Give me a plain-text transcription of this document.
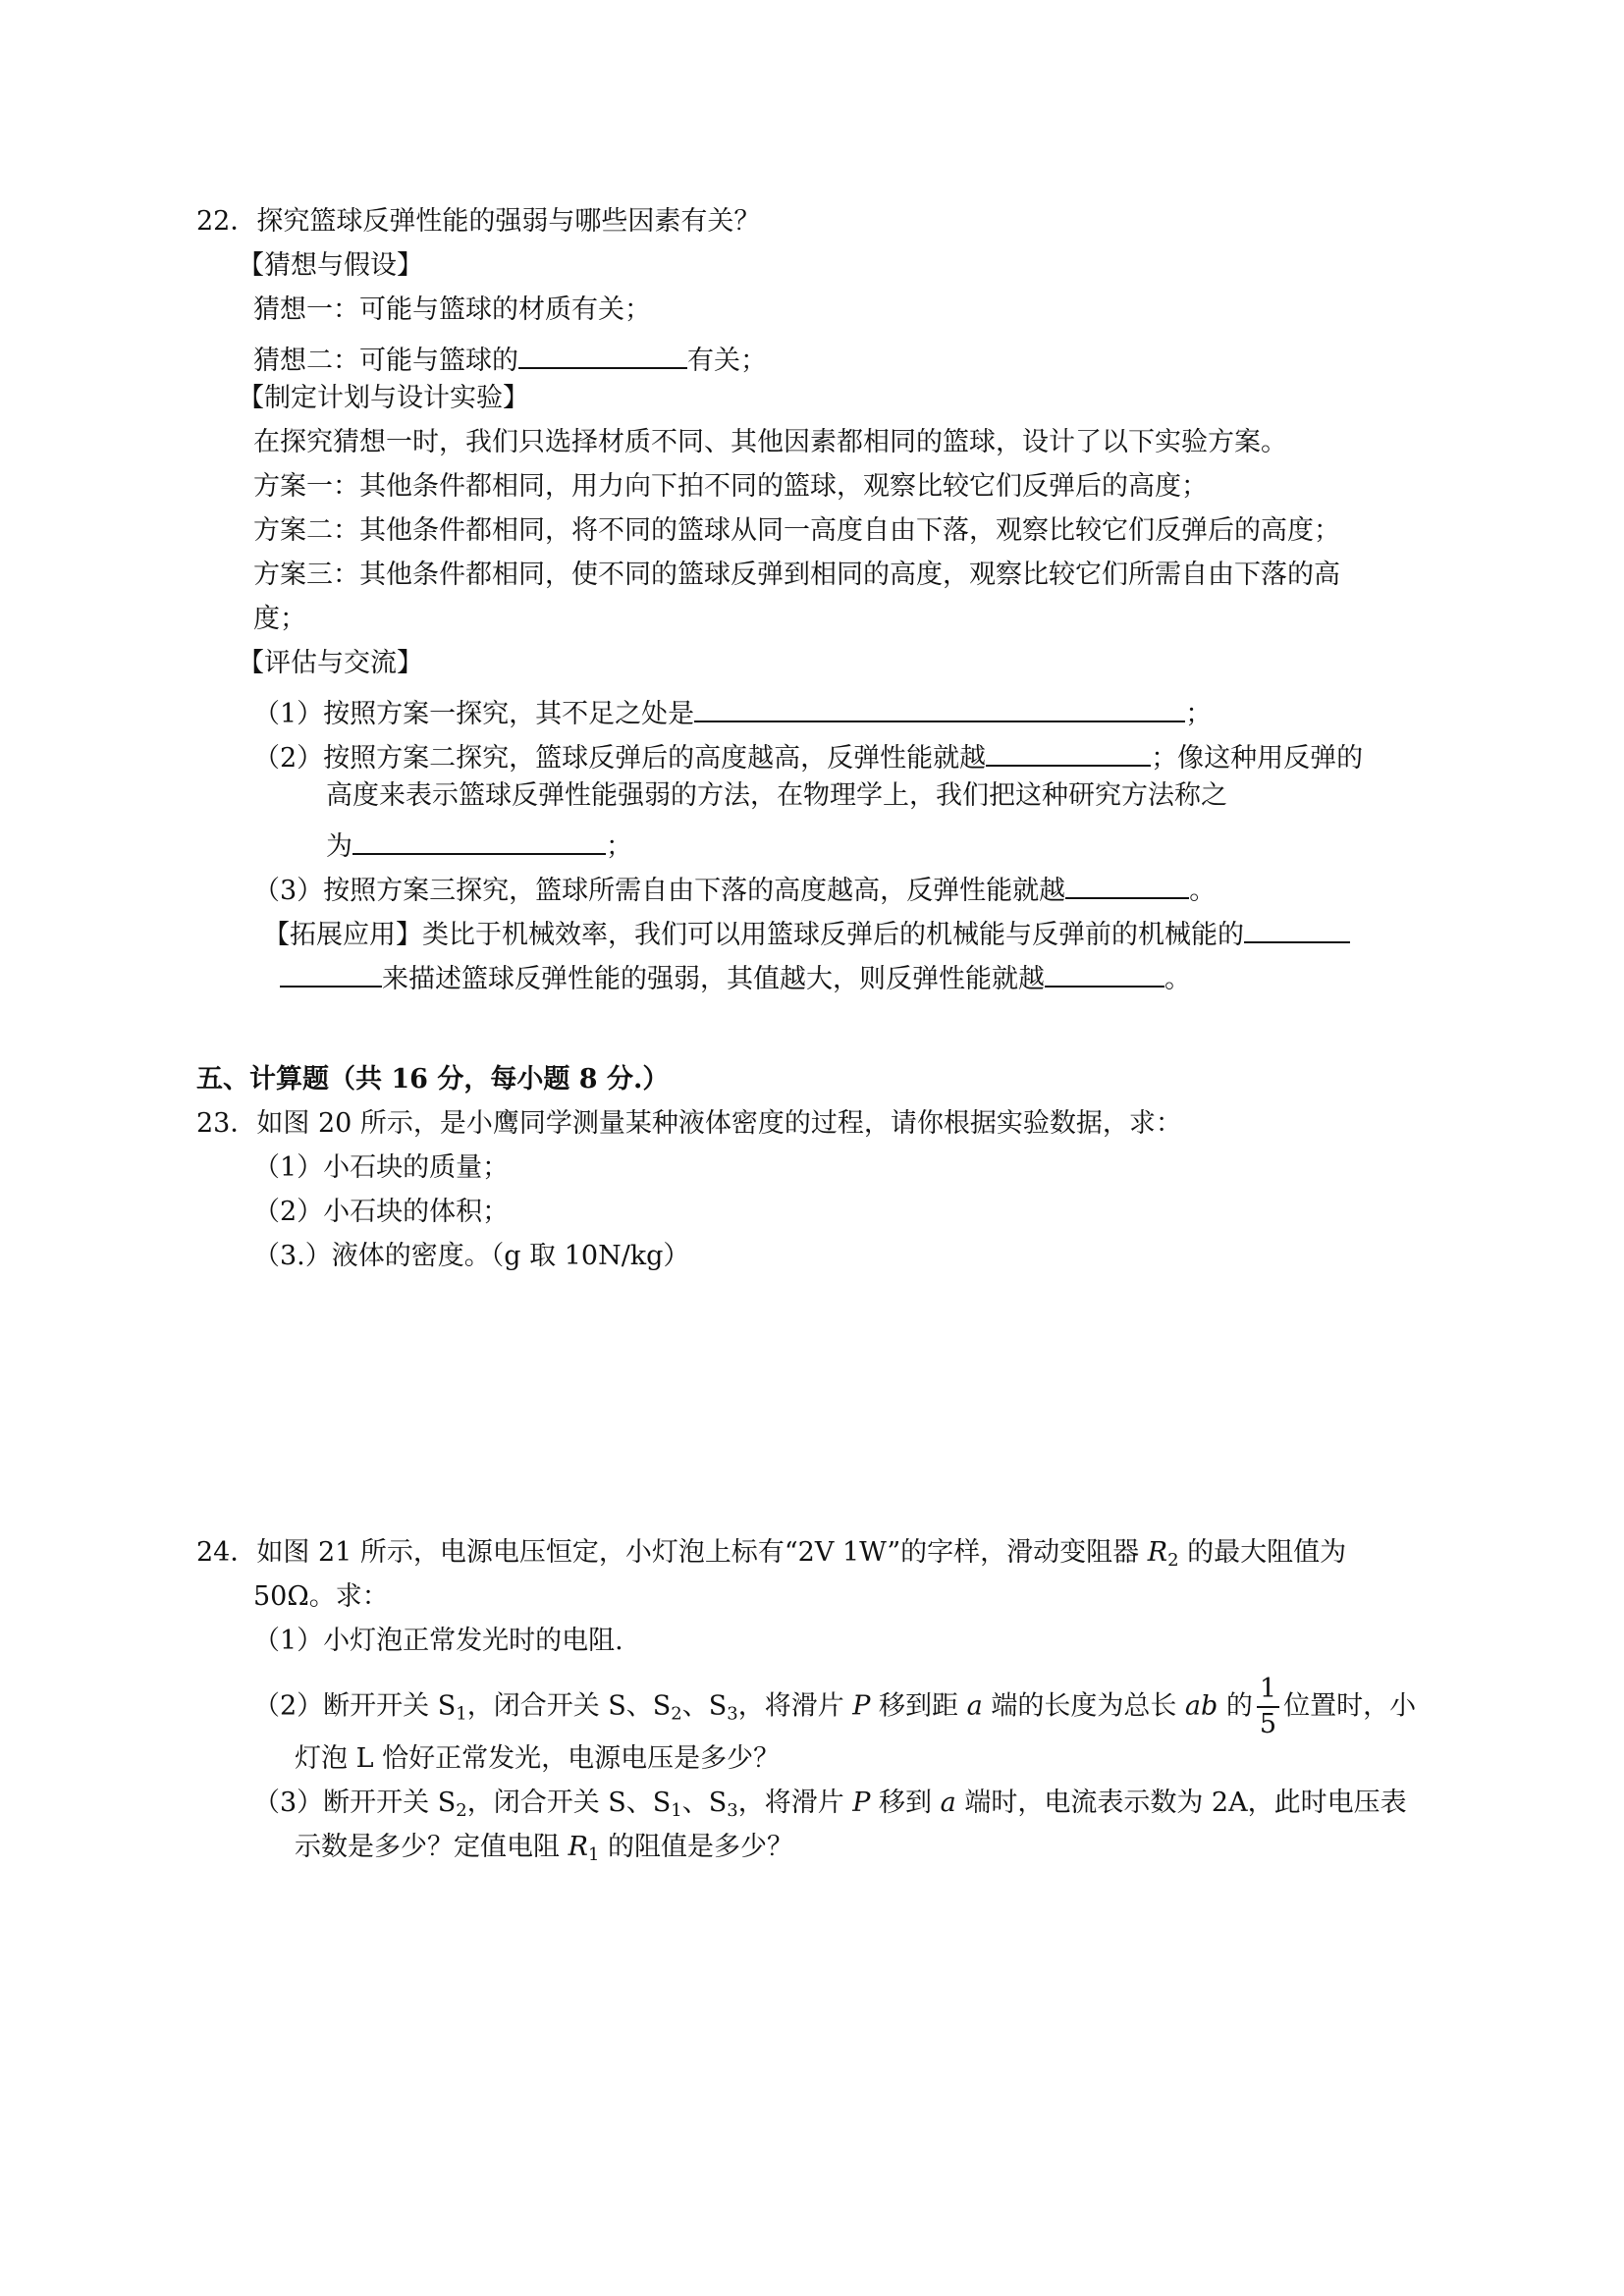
22．探究篮球反弹性能的强弱与哪些因素有关？
【猜想与假设】
猜想一：可能与篮球的材质有关；
猜想二：可能与篮球的	有关；
【制定计划与设计实验】
在探究猜想一时，我们只选择材质不同、其他因素都相同的篮球，设计了以下实验方案。
方案一：其他条件都相同，用力向下拍不同的篮球，观察比较它们反弹后的高度；
方案二：其他条件都相同，将不同的篮球从同一高度自由下落，观察比较它们反弹后的高度；
方案三：其他条件都相同，使不同的篮球反弹到相同的高度，观察比较它们所需自由下落的高
度；
【评估与交流】
（1）按照方案一探究，其不足之处是	；
（2）按照方案二探究，篮球反弹后的高度越高，反弹性能就越	；像这种用反弹的
高度来表示篮球反弹性能强弱的方法，在物理学上，我们把这种研究方法称之
为	；
（3）按照方案三探究，篮球所需自由下落的高度越高，反弹性能就越	。
【拓展应用】类比于机械效率，我们可以用篮球反弹后的机械能与反弹前的机械能的
来描述篮球反弹性能的强弱，其值越大，则反弹性能就越	。
五、计算题（共 16 分，每小题 8 分.）
23．如图 20 所示，是小鹰同学测量某种液体密度的过程，请你根据实验数据，求：
（1）小石块的质量；
（2）小石块的体积；
（3.）液体的密度。（g 取 10N/kg）
24．如图 21 所示，电源电压恒定，小灯泡上标有“2V 1W”的字样，滑动变阻器 $R_2$ 的最大阻值为
50Ω。求：
（1）小灯泡正常发光时的电阻.
（2）断开开关 $S_1$，闭合开关 S、$S_2$、$S_3$，将滑片 P 移到距 a 端的长度为总长 ab 的 $\frac{1}{5}$ 位置时，小
灯泡 L 恰好正常发光，电源电压是多少？
（3）断开开关 $S_2$，闭合开关 S、$S_1$、$S_3$，将滑片 P 移到 a 端时，电流表示数为 2A，此时电压表
示数是多少？定值电阻 $R_1$ 的阻值是多少？
